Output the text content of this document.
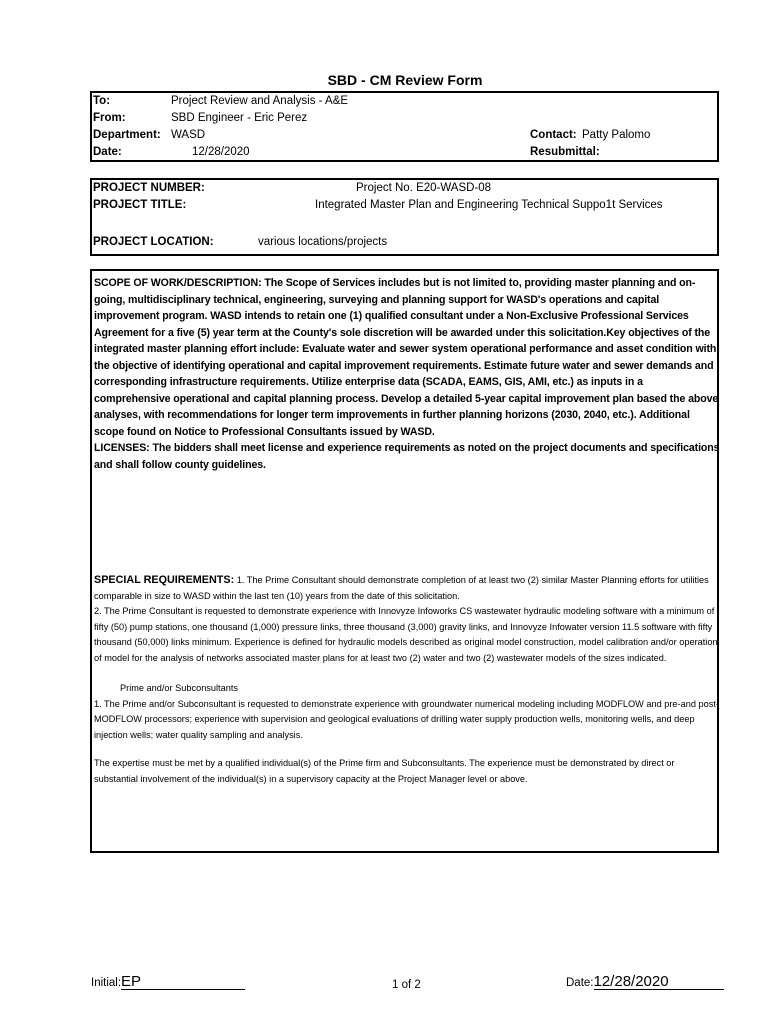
SBD - CM Review Form
To:	Project Review and Analysis - A&E
From:	SBD Engineer - Eric Perez
Department: WASD
Date:	12/28/2020
Contact: Patty Palomo
Resubmittal:
PROJECT NUMBER:	Project No. E20-WASD-08
PROJECT TITLE:	Integrated Master Plan and Engineering Technical Suppo1t Services
PROJECT LOCATION:	various locations/projects

SCOPE OF WORK/DESCRIPTION: The Scope of Services includes but is not limited to, providing master planning and on-going, multidisciplinary technical, engineering, surveying and planning support for WASD's operations and capital improvement program. WASD intends to retain one (1) qualified consultant under a Non-Exclusive Professional Services Agreement for a five (5) year term at the County's sole discretion will be awarded under this solicitation.Key objectives of the integrated master planning effort include: Evaluate water and sewer system operational performance and asset condition with the objective of identifying operational and capital improvement requirements. Estimate future water and sewer demands and corresponding infrastructure requirements. Utilize enterprise data (SCADA, EAMS, GIS, AMI, etc.) as inputs in a comprehensive operational and capital planning process. Develop a detailed 5-year capital improvement plan based the above analyses, with recommendations for longer term improvements in further planning horizons (2030, 2040, etc.). Additional scope found on Notice to Professional Consultants issued by WASD.

LICENSES: The bidders shall meet license and experience requirements as noted on the project documents and specifications and shall follow county guidelines.

SPECIAL REQUIREMENTS: 1. The Prime Consultant should demonstrate completion of at least two (2) similar Master Planning efforts for utilities comparable in size to WASD within the last ten (10) years from the date of this solicitation.

2. The Prime Consultant is requested to demonstrate experience with Innovyze Infoworks CS wastewater hydraulic modeling software with a minimum of fifty (50) pump stations, one thousand (1,000) pressure links, three thousand (3,000) gravity links, and Innovyze Infowater version 11.5 software with fifty thousand (50,000) links minimum. Experience is defined for hydraulic models described as original model construction, model calibration and/or operation of model for the analysis of networks associated master plans for at least two (2) water and two (2) wastewater models of the sizes indicated.

Prime and/or Subconsultants

1. The Prime and/or Subconsultant is requested to demonstrate experience with groundwater numerical modeling including MODFLOW and pre-and post-MODFLOW processors; experience with supervision and geological evaluations of drilling water supply production wells, monitoring wells, and deep injection wells; water quality sampling and analysis.

The expertise must be met by a qualified individual(s) of the Prime firm and Subconsultants. The experience must be demonstrated by direct or substantial involvement of the individual(s) in a supervisory capacity at the Project Manager level or above.

Initial:EP	1 of 2	Date:12/28/2020
